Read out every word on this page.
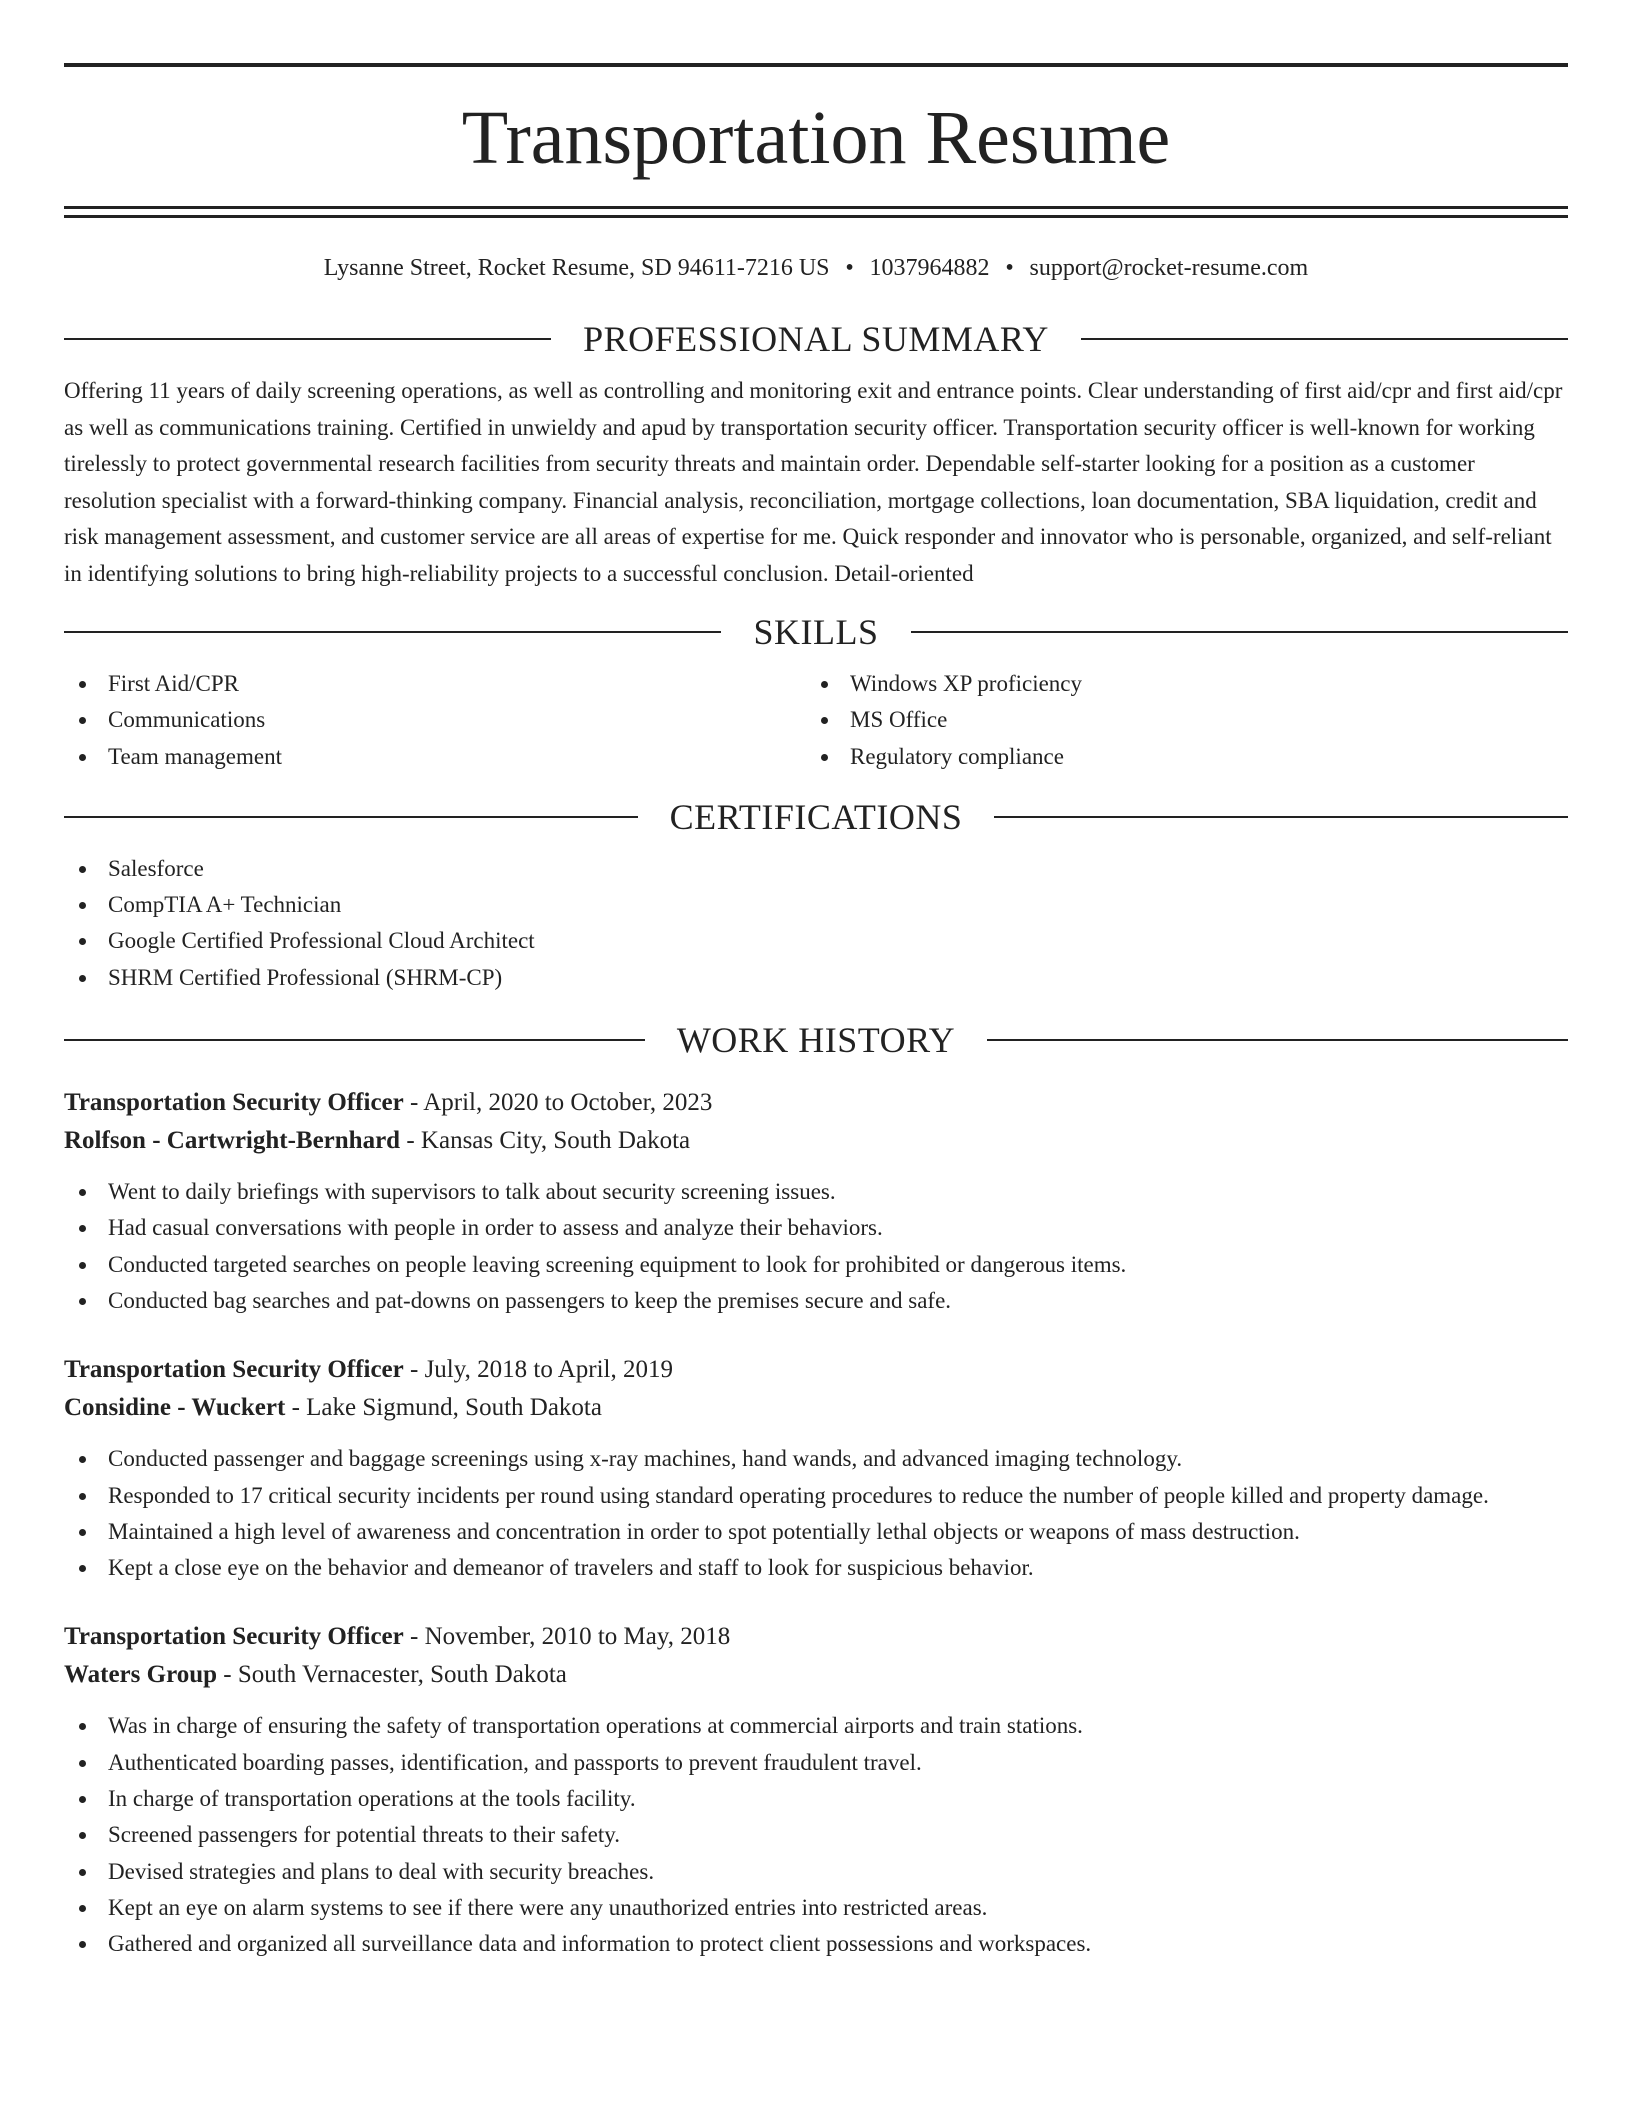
Transportation Resume
Lysanne Street, Rocket Resume, SD 94611-7216 US • 1037964882 • support@rocket-resume.com
PROFESSIONAL SUMMARY
Offering 11 years of daily screening operations, as well as controlling and monitoring exit and entrance points. Clear understanding of first aid/cpr and first aid/cpr as well as communications training. Certified in unwieldy and apud by transportation security officer. Transportation security officer is well-known for working tirelessly to protect governmental research facilities from security threats and maintain order. Dependable self-starter looking for a position as a customer resolution specialist with a forward-thinking company. Financial analysis, reconciliation, mortgage collections, loan documentation, SBA liquidation, credit and risk management assessment, and customer service are all areas of expertise for me. Quick responder and innovator who is personable, organized, and self-reliant in identifying solutions to bring high-reliability projects to a successful conclusion. Detail-oriented
SKILLS
First Aid/CPR
Communications
Team management
Windows XP proficiency
MS Office
Regulatory compliance
CERTIFICATIONS
Salesforce
CompTIA A+ Technician
Google Certified Professional Cloud Architect
SHRM Certified Professional (SHRM-CP)
WORK HISTORY
Transportation Security Officer - April, 2020 to October, 2023
Rolfson - Cartwright-Bernhard - Kansas City, South Dakota
Went to daily briefings with supervisors to talk about security screening issues.
Had casual conversations with people in order to assess and analyze their behaviors.
Conducted targeted searches on people leaving screening equipment to look for prohibited or dangerous items.
Conducted bag searches and pat-downs on passengers to keep the premises secure and safe.
Transportation Security Officer - July, 2018 to April, 2019
Considine - Wuckert - Lake Sigmund, South Dakota
Conducted passenger and baggage screenings using x-ray machines, hand wands, and advanced imaging technology.
Responded to 17 critical security incidents per round using standard operating procedures to reduce the number of people killed and property damage.
Maintained a high level of awareness and concentration in order to spot potentially lethal objects or weapons of mass destruction.
Kept a close eye on the behavior and demeanor of travelers and staff to look for suspicious behavior.
Transportation Security Officer - November, 2010 to May, 2018
Waters Group - South Vernacester, South Dakota
Was in charge of ensuring the safety of transportation operations at commercial airports and train stations.
Authenticated boarding passes, identification, and passports to prevent fraudulent travel.
In charge of transportation operations at the tools facility.
Screened passengers for potential threats to their safety.
Devised strategies and plans to deal with security breaches.
Kept an eye on alarm systems to see if there were any unauthorized entries into restricted areas.
Gathered and organized all surveillance data and information to protect client possessions and workspaces.
